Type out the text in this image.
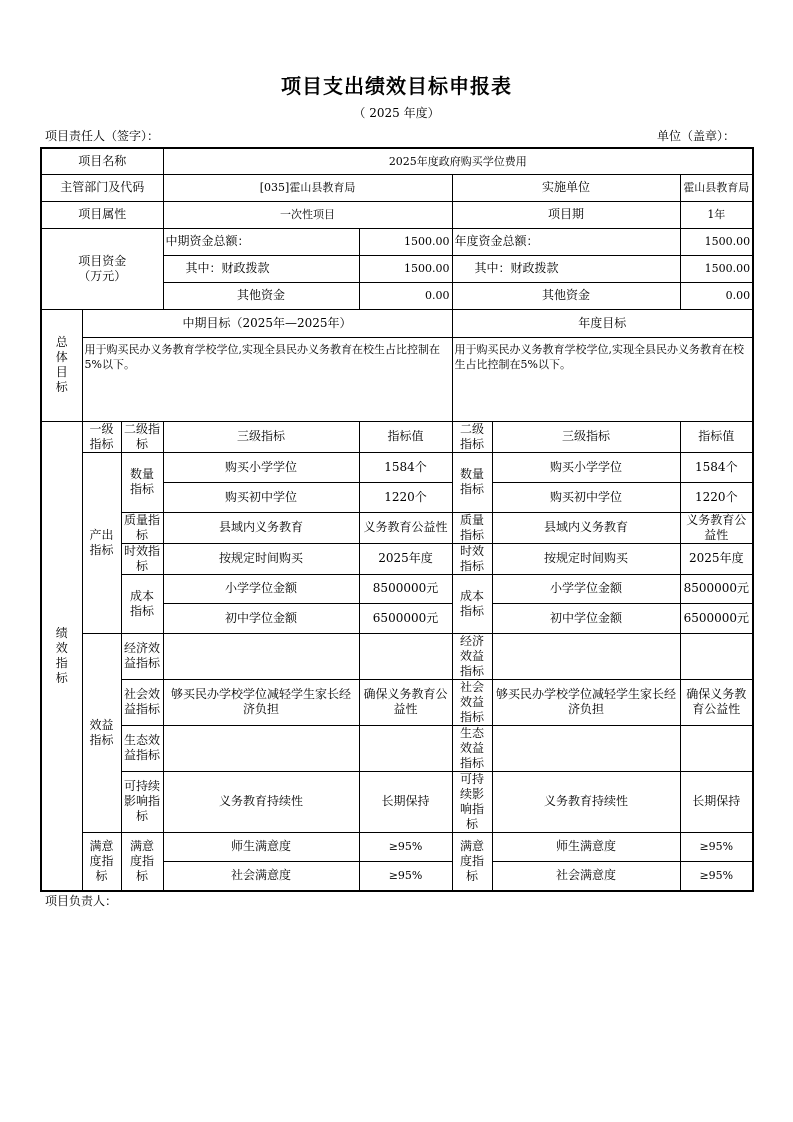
项目支出绩效目标申报表
（ 2025 年度）
项目责任人（签字）：	单位（盖章）：
项目名称			2025年度政府购买学位费用				
主管部门及代码			[035]霍山县教育局		实施单位		霍山县教育局
项目属性			一次性项目		项目期		1年
项目资金（万元）			中期资金总额：	1500.00	年度资金总额：		1500.00
			其中：财政拨款	1500.00	其中：财政拨款		1500.00
			其他资金	0.00	其他资金		0.00
总体目标	中期目标（2025年—2025年）				年度目标		
	用于购买民办义务教育学校学位,实现全县民办义务教育在校生占比控制在5%以下。				用于购买民办义务教育学校学位,实现全县民办义务教育在校生占比控制在5%以下。		
绩效指标	一级指标	二级指标	三级指标	指标值	二级指标	三级指标	指标值
	产出指标	数量指标	购买小学学位	1584个	数量指标	购买小学学位	1584个
			购买初中学位	1220个		购买初中学位	1220个
		质量指标	县域内义务教育	义务教育公益性	质量指标	县域内义务教育	义务教育公益性
		时效指标	按规定时间购买	2025年度	时效指标	按规定时间购买	2025年度
		成本指标	小学学位金额	8500000元	成本指标	小学学位金额	8500000元
			初中学位金额	6500000元		初中学位金额	6500000元
	效益指标	经济效益指标			经济效益指标		
		社会效益指标	够买民办学校学位减轻学生家长经济负担	确保义务教育公益性	社会效益指标	够买民办学校学位减轻学生家长经济负担	确保义务教育公益性
		生态效益指标			生态效益指标		
		可持续影响指标	义务教育持续性	长期保持	可持续影响指标	义务教育持续性	长期保持
	满意度指标	满意度指标	师生满意度	≥95%	满意度指标	师生满意度	≥95%
			社会满意度	≥95%		社会满意度	≥95%
项目负责人：
